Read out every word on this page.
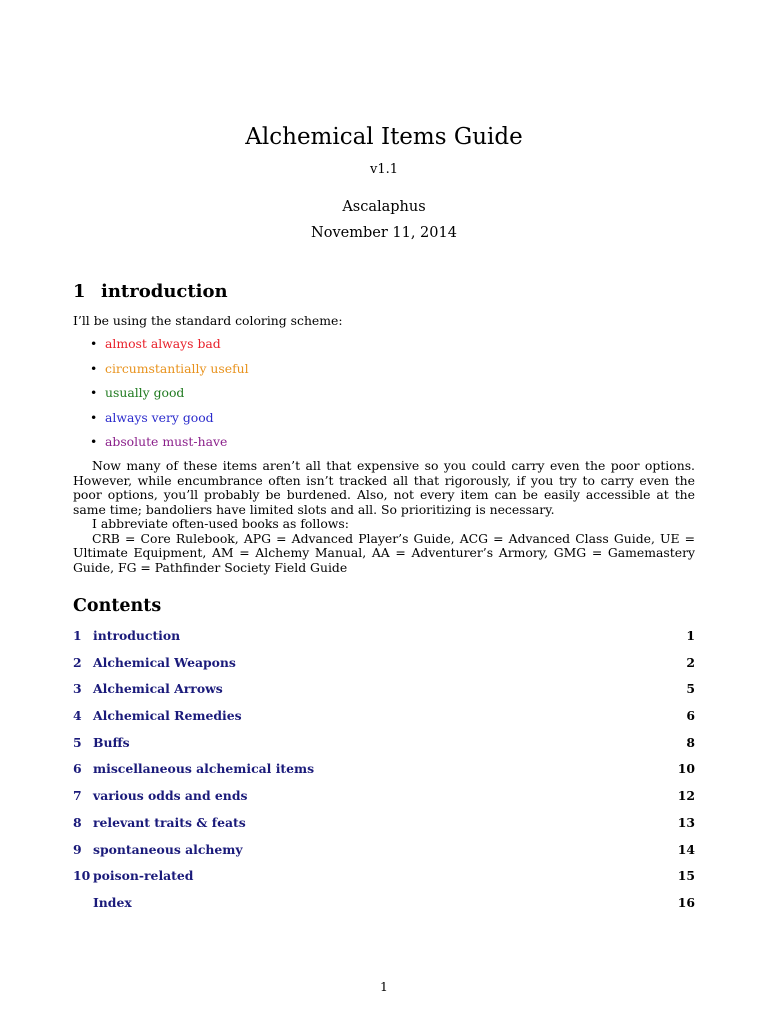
Alchemical Items Guide
v1.1
Ascalaphus
November 11, 2014
1 introduction
I’ll be using the standard coloring scheme:
• almost always bad
• circumstantially useful
• usually good
• always very good
• absolute must-have

Now many of these items aren’t all that expensive so you could carry even the poor options. However, while encumbrance often isn’t tracked all that rigorously, if you try to carry even the poor options, you’ll probably be burdened. Also, not every item can be easily accessible at the same time; bandoliers have limited slots and all. So prioritizing is necessary.

I abbreviate often-used books as follows:

CRB = Core Rulebook, APG = Advanced Player’s Guide, ACG = Advanced Class Guide, UE = Ultimate Equipment, AM = Alchemy Manual, AA = Adventurer’s Armory, GMG = Gamemastery Guide, FG = Pathfinder Society Field Guide

Contents
1 introduction	1
2 Alchemical Weapons	2
3 Alchemical Arrows	5
4 Alchemical Remedies	6
5 Buffs	8
6 miscellaneous alchemical items	10
7 various odds and ends	12
8 relevant traits & feats	13
9 spontaneous alchemy	14
10 poison-related	15
Index	16
1
